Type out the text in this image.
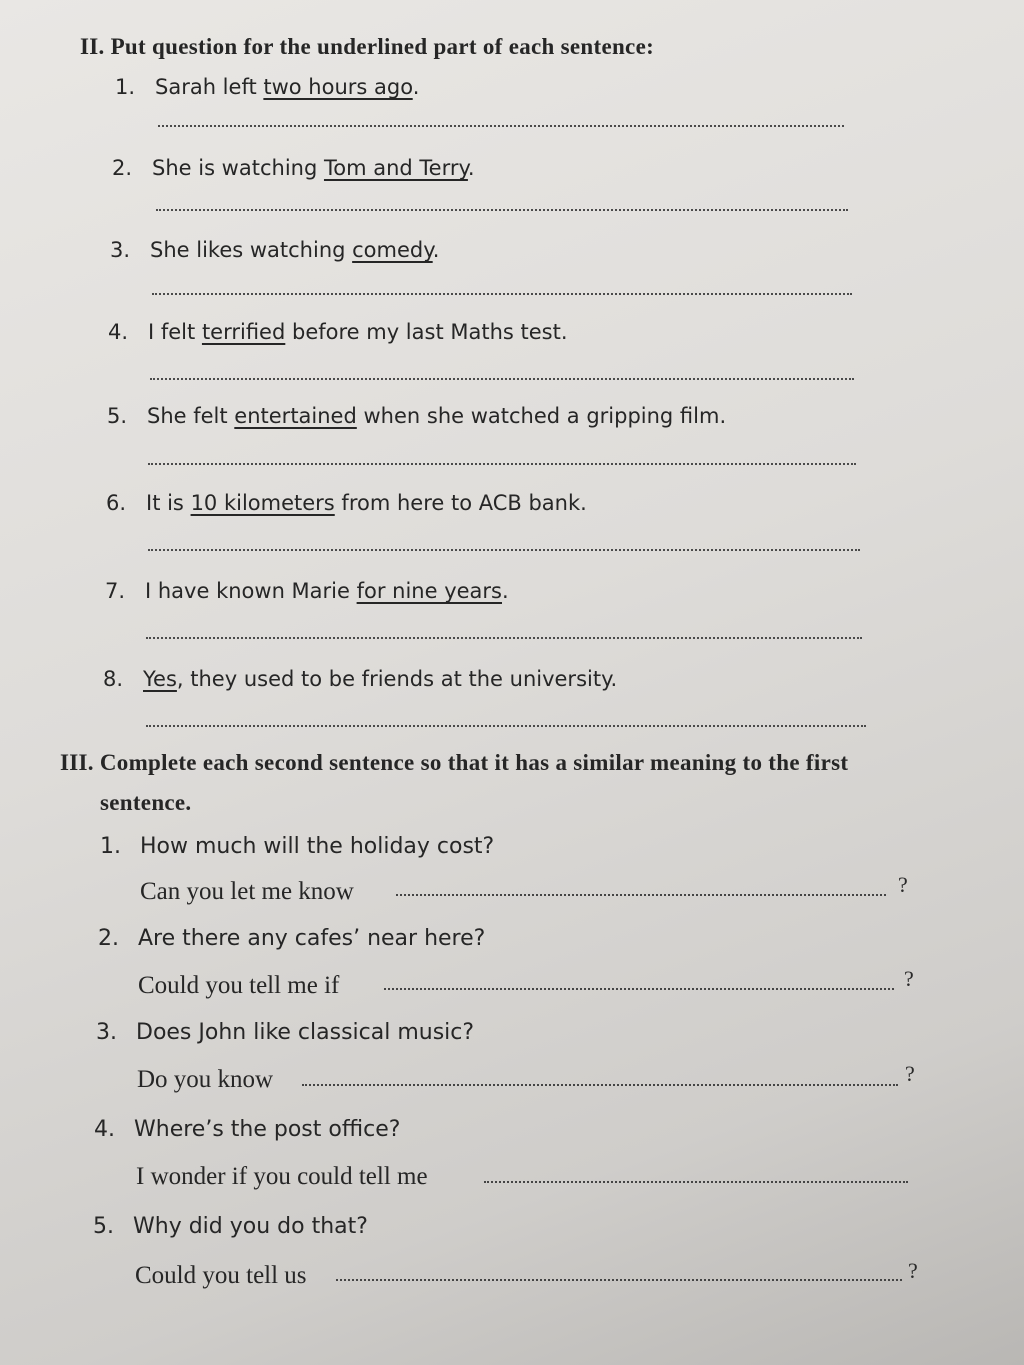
II. Put question for the underlined part of each sentence:
1. Sarah left two hours ago.
2. She is watching Tom and Terry.
3. She likes watching comedy.
4. I felt terrified before my last Maths test.
5. She felt entertained when she watched a gripping film.
6. It is 10 kilometers from here to ACB bank.
7. I have known Marie for nine years.
8. Yes, they used to be friends at the university.
III. Complete each second sentence so that it has a similar meaning to the first
sentence.
1. How much will the holiday cost?
Can you let me know	?
2. Are there any cafes’ near here?
Could you tell me if	?
3. Does John like classical music?
Do you know	?
4. Where’s the post office?
I wonder if you could tell me
5. Why did you do that?
Could you tell us	?
